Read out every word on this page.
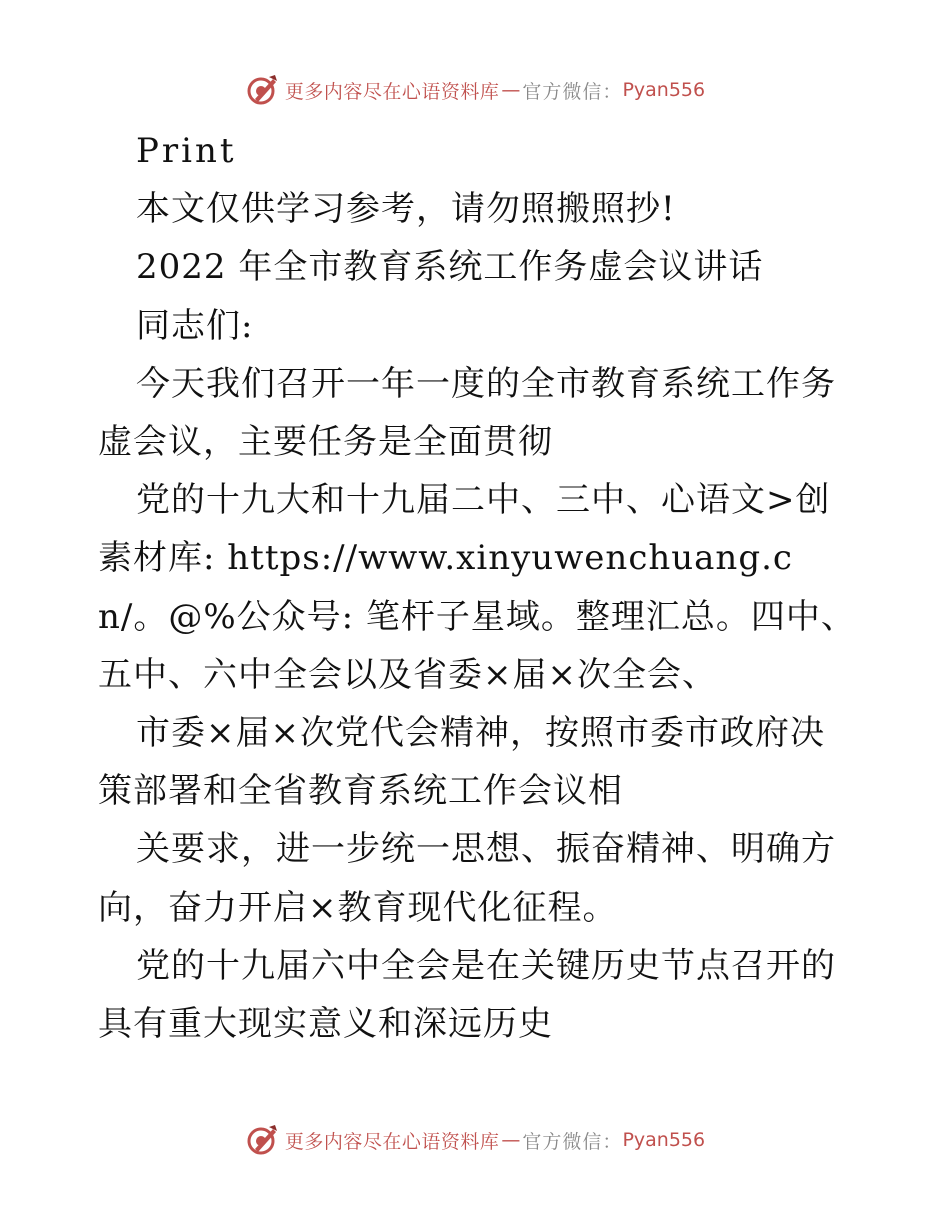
更多内容尽在心语资料库 — 官方微信： Pyan556

Print

本文仅供学习参考，请勿照搬照抄!

2022 年全市教育系统工作务虚会议讲话

同志们:

今天我们召开一年一度的全市教育系统工作务虚会议，主要任务是全面贯彻

党的十九大和十九届二中、三中、心语文>创素材库: https://www.xinyuwenchuang.cn/。@%公众号: 笔杆子星域。整理汇总。四中、五中、六中全会以及省委×届×次全会、

市委×届×次党代会精神，按照市委市政府决策部署和全省教育系统工作会议相

关要求，进一步统一思想、振奋精神、明确方向，奋力开启×教育现代化征程。

党的十九届六中全会是在关键历史节点召开的具有重大现实意义和深远历史

更多内容尽在心语资料库 — 官方微信： Pyan556
